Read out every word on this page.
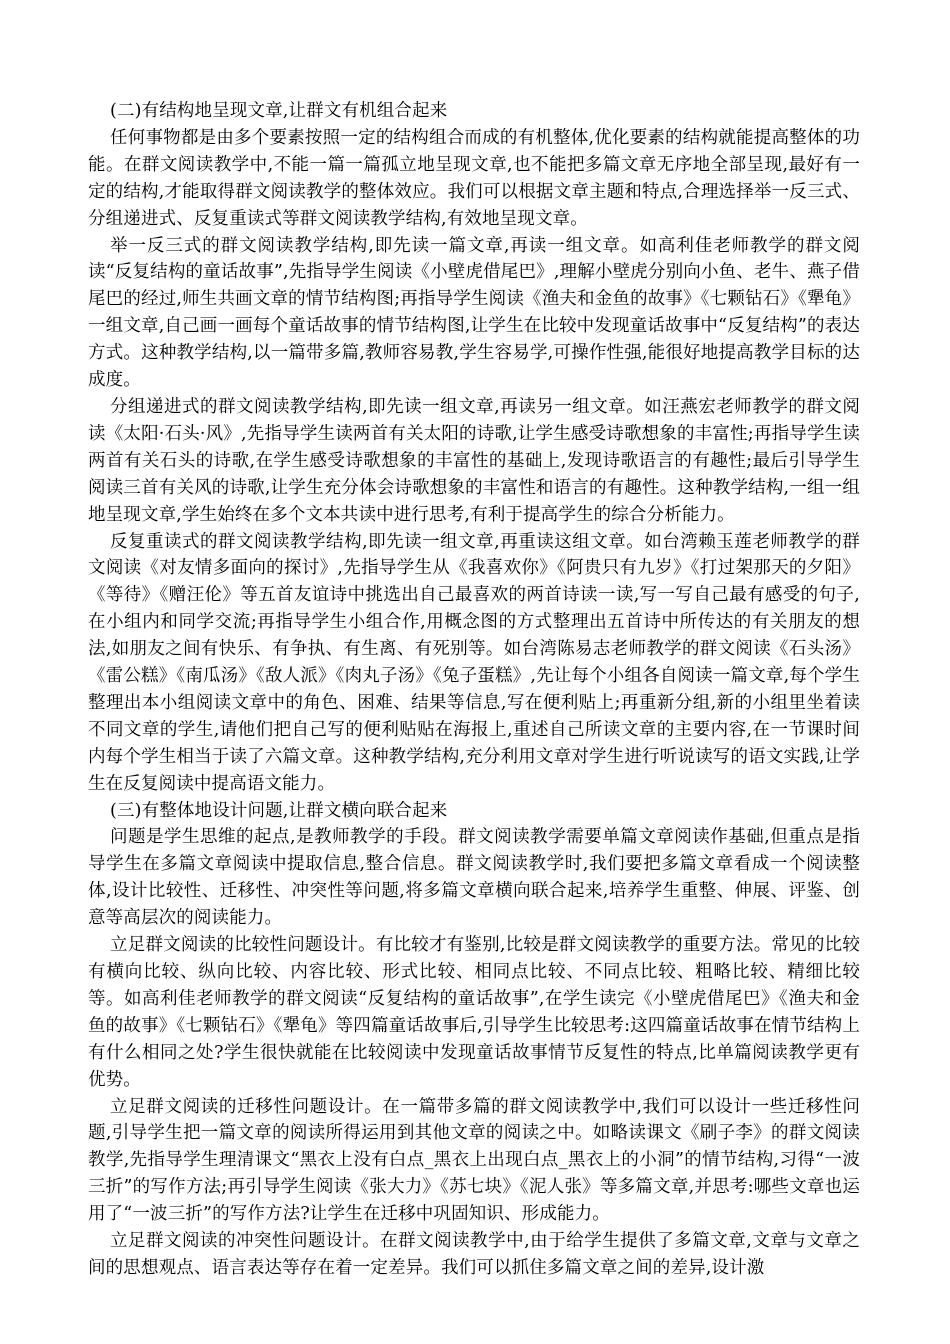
(二)有结构地呈现文章,让群文有机组合起来

任何事物都是由多个要素按照一定的结构组合而成的有机整体,优化要素的结构就能提高整体的功能。在群文阅读教学中,不能一篇一篇孤立地呈现文章,也不能把多篇文章无序地全部呈现,最好有一定的结构,才能取得群文阅读教学的整体效应。我们可以根据文章主题和特点,合理选择举一反三式、分组递进式、反复重读式等群文阅读教学结构,有效地呈现文章。

举一反三式的群文阅读教学结构,即先读一篇文章,再读一组文章。如高利佳老师教学的群文阅读“反复结构的童话故事”,先指导学生阅读《小壁虎借尾巴》,理解小壁虎分别向小鱼、老牛、燕子借尾巴的经过,师生共画文章的情节结构图;再指导学生阅读《渔夫和金鱼的故事》《七颗钻石》《犟龟》一组文章,自己画一画每个童话故事的情节结构图,让学生在比较中发现童话故事中“反复结构”的表达方式。这种教学结构,以一篇带多篇,教师容易教,学生容易学,可操作性强,能很好地提高教学目标的达成度。

分组递进式的群文阅读教学结构,即先读一组文章,再读另一组文章。如汪燕宏老师教学的群文阅读《太阳·石头·风》,先指导学生读两首有关太阳的诗歌,让学生感受诗歌想象的丰富性;再指导学生读两首有关石头的诗歌,在学生感受诗歌想象的丰富性的基础上,发现诗歌语言的有趣性;最后引导学生阅读三首有关风的诗歌,让学生充分体会诗歌想象的丰富性和语言的有趣性。这种教学结构,一组一组地呈现文章,学生始终在多个文本共读中进行思考,有利于提高学生的综合分析能力。

反复重读式的群文阅读教学结构,即先读一组文章,再重读这组文章。如台湾赖玉莲老师教学的群文阅读《对友情多面向的探讨》,先指导学生从《我喜欢你》《阿贵只有九岁》《打过架那天的夕阳》《等待》《赠汪伦》等五首友谊诗中挑选出自己最喜欢的两首诗读一读,写一写自己最有感受的句子,在小组内和同学交流;再指导学生小组合作,用概念图的方式整理出五首诗中所传达的有关朋友的想法,如朋友之间有快乐、有争执、有生离、有死别等。如台湾陈易志老师教学的群文阅读《石头汤》《雷公糕》《南瓜汤》《敌人派》《肉丸子汤》《兔子蛋糕》,先让每个小组各自阅读一篇文章,每个学生整理出本小组阅读文章中的角色、困难、结果等信息,写在便利贴上;再重新分组,新的小组里坐着读不同文章的学生,请他们把自己写的便利贴贴在海报上,重述自己所读文章的主要内容,在一节课时间内每个学生相当于读了六篇文章。这种教学结构,充分利用文章对学生进行听说读写的语文实践,让学生在反复阅读中提高语文能力。

(三)有整体地设计问题,让群文横向联合起来

问题是学生思维的起点,是教师教学的手段。群文阅读教学需要单篇文章阅读作基础,但重点是指导学生在多篇文章阅读中提取信息,整合信息。群文阅读教学时,我们要把多篇文章看成一个阅读整体,设计比较性、迁移性、冲突性等问题,将多篇文章横向联合起来,培养学生重整、伸展、评鉴、创意等高层次的阅读能力。

立足群文阅读的比较性问题设计。有比较才有鉴别,比较是群文阅读教学的重要方法。常见的比较有横向比较、纵向比较、内容比较、形式比较、相同点比较、不同点比较、粗略比较、精细比较等。如高利佳老师教学的群文阅读“反复结构的童话故事”,在学生读完《小壁虎借尾巴》《渔夫和金鱼的故事》《七颗钻石》《犟龟》等四篇童话故事后,引导学生比较思考:这四篇童话故事在情节结构上有什么相同之处?学生很快就能在比较阅读中发现童话故事情节反复性的特点,比单篇阅读教学更有优势。

立足群文阅读的迁移性问题设计。在一篇带多篇的群文阅读教学中,我们可以设计一些迁移性问题,引导学生把一篇文章的阅读所得运用到其他文章的阅读之中。如略读课文《刷子李》的群文阅读教学,先指导学生理清课文“黑衣上没有白点_黑衣上出现白点_黑衣上的小洞”的情节结构,习得“一波三折”的写作方法;再引导学生阅读《张大力》《苏七块》《泥人张》等多篇文章,并思考:哪些文章也运用了“一波三折”的写作方法?让学生在迁移中巩固知识、形成能力。

立足群文阅读的冲突性问题设计。在群文阅读教学中,由于给学生提供了多篇文章,文章与文章之间的思想观点、语言表达等存在着一定差异。我们可以抓住多篇文章之间的差异,设计激
